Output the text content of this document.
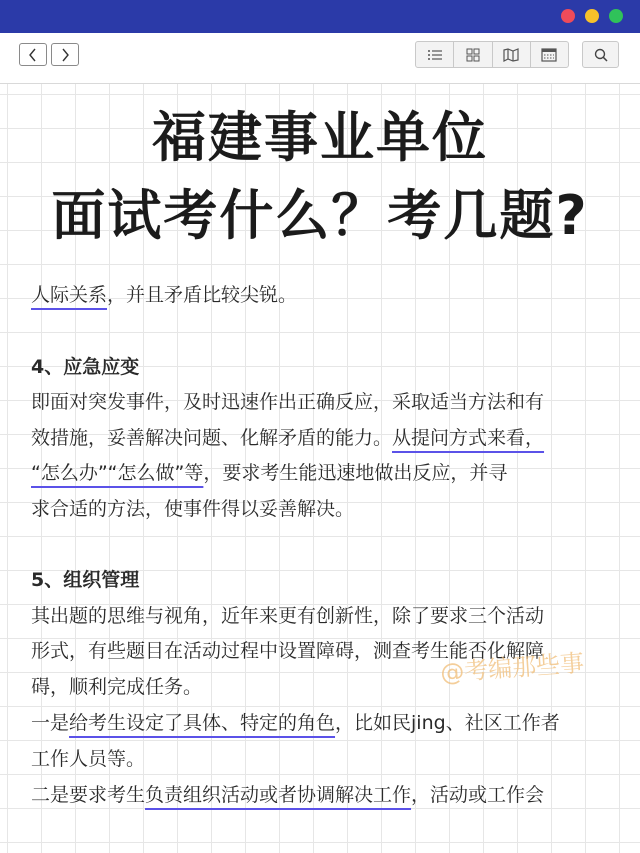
福建事业单位
面试考什么？考几题?
人际关系，并且矛盾比较尖锐。
4、应急应变
即面对突发事件，及时迅速作出正确反应，采取适当方法和有
效措施，妥善解决问题、化解矛盾的能力。从提问方式来看，
“怎么办”“怎么做”等，要求考生能迅速地做出反应，并寻
求合适的方法，使事件得以妥善解决。
5、组织管理
其出题的思维与视角，近年来更有创新性，除了要求三个活动
形式，有些题目在活动过程中设置障碍，测查考生能否化解障
碍，顺利完成任务。
一是给考生设定了具体、特定的角色，比如民jing、社区工作者
工作人员等。
二是要求考生负责组织活动或者协调解决工作，活动或工作会
@考编那些事
